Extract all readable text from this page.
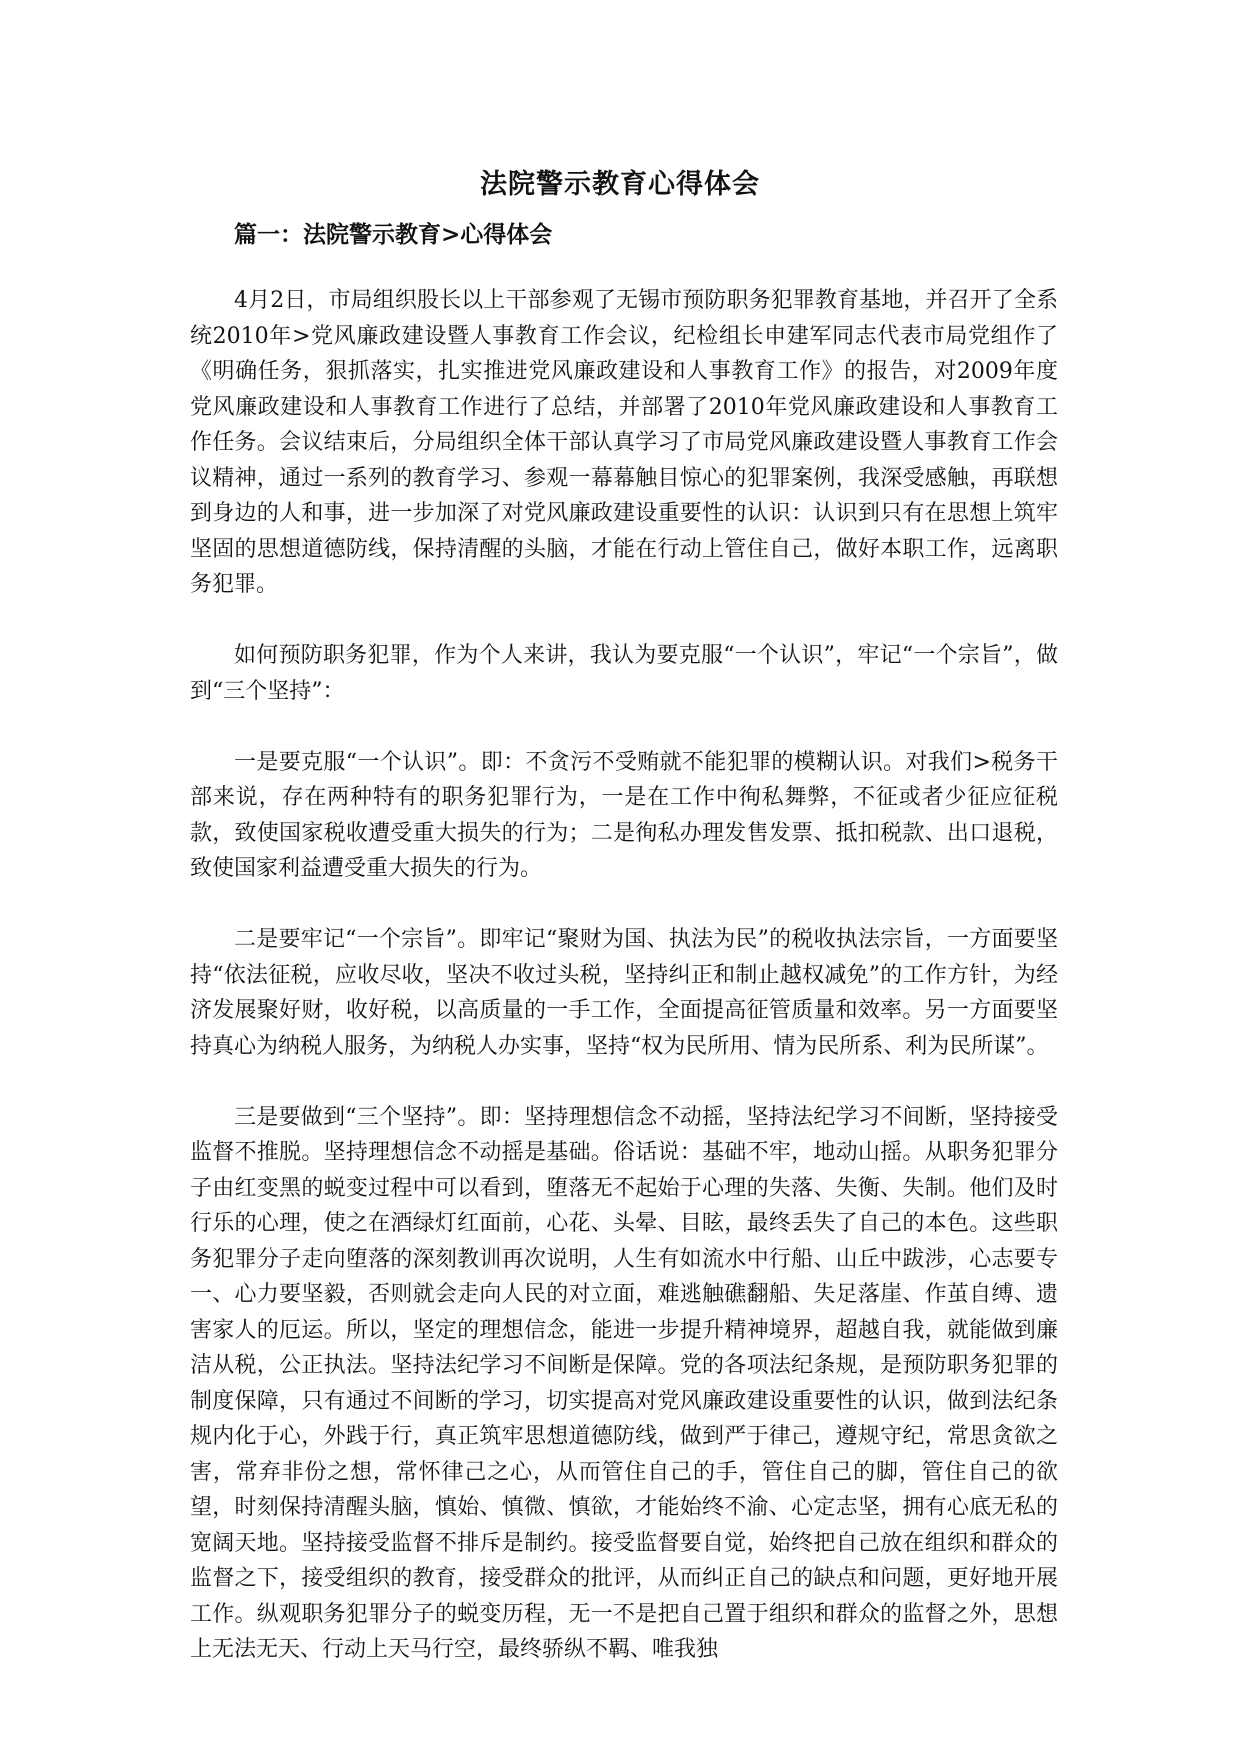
法院警示教育心得体会
篇一：法院警示教育>心得体会

4月2日，市局组织股长以上干部参观了无锡市预防职务犯罪教育基地，并召开了全系统2010年>党风廉政建设暨人事教育工作会议，纪检组长申建军同志代表市局党组作了《明确任务，狠抓落实，扎实推进党风廉政建设和人事教育工作》的报告，对2009年度党风廉政建设和人事教育工作进行了总结，并部署了2010年党风廉政建设和人事教育工作任务。会议结束后，分局组织全体干部认真学习了市局党风廉政建设暨人事教育工作会议精神，通过一系列的教育学习、参观一幕幕触目惊心的犯罪案例，我深受感触，再联想到身边的人和事，进一步加深了对党风廉政建设重要性的认识：认识到只有在思想上筑牢坚固的思想道德防线，保持清醒的头脑，才能在行动上管住自己，做好本职工作，远离职务犯罪。

如何预防职务犯罪，作为个人来讲，我认为要克服“一个认识”，牢记“一个宗旨”，做到“三个坚持”：

一是要克服“一个认识”。即：不贪污不受贿就不能犯罪的模糊认识。对我们>税务干部来说，存在两种特有的职务犯罪行为，一是在工作中徇私舞弊，不征或者少征应征税款，致使国家税收遭受重大损失的行为；二是徇私办理发售发票、抵扣税款、出口退税，致使国家利益遭受重大损失的行为。

二是要牢记“一个宗旨”。即牢记“聚财为国、执法为民”的税收执法宗旨，一方面要坚持“依法征税，应收尽收，坚决不收过头税，坚持纠正和制止越权减免”的工作方针，为经济发展聚好财，收好税，以高质量的一手工作，全面提高征管质量和效率。另一方面要坚持真心为纳税人服务，为纳税人办实事，坚持“权为民所用、情为民所系、利为民所谋”。

三是要做到“三个坚持”。即：坚持理想信念不动摇，坚持法纪学习不间断，坚持接受监督不推脱。坚持理想信念不动摇是基础。俗话说：基础不牢，地动山摇。从职务犯罪分子由红变黑的蜕变过程中可以看到，堕落无不起始于心理的失落、失衡、失制。他们及时行乐的心理，使之在酒绿灯红面前，心花、头晕、目眩，最终丢失了自己的本色。这些职务犯罪分子走向堕落的深刻教训再次说明，人生有如流水中行船、山丘中跋涉，心志要专一、心力要坚毅，否则就会走向人民的对立面，难逃触礁翻船、失足落崖、作茧自缚、遗害家人的厄运。所以，坚定的理想信念，能进一步提升精神境界，超越自我，就能做到廉洁从税，公正执法。坚持法纪学习不间断是保障。党的各项法纪条规，是预防职务犯罪的制度保障，只有通过不间断的学习，切实提高对党风廉政建设重要性的认识，做到法纪条规内化于心，外践于行，真正筑牢思想道德防线，做到严于律己，遵规守纪，常思贪欲之害，常弃非份之想，常怀律己之心，从而管住自己的手，管住自己的脚，管住自己的欲望，时刻保持清醒头脑，慎始、慎微、慎欲，才能始终不渝、心定志坚，拥有心底无私的宽阔天地。坚持接受监督不排斥是制约。接受监督要自觉，始终把自己放在组织和群众的监督之下，接受组织的教育，接受群众的批评，从而纠正自己的缺点和问题，更好地开展工作。纵观职务犯罪分子的蜕变历程，无一不是把自己置于组织和群众的监督之外，思想上无法无天、行动上天马行空，最终骄纵不羁、唯我独
